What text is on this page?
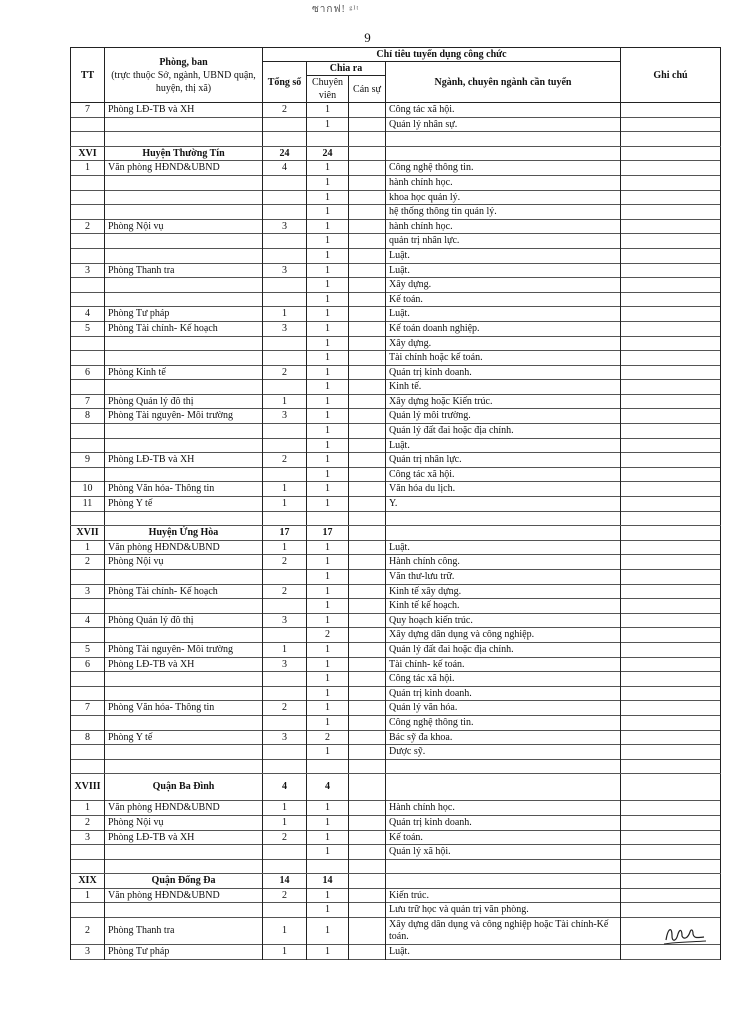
ซากฟ! ᵍᴵᵗ
9
TT	Phòng, ban
(trực thuộc Sở, ngành, UBND quận,
huyện, thị xã)	Chỉ tiêu tuyển dụng công chức				Ghi chú
		Tổng số	Chia ra		Ngành, chuyên ngành cần tuyển	
			Chuyên viên	Cán sự		
7	Phòng LĐ-TB và XH	2	1		Công tác xã hội.	
			1		Quản lý nhân sự.	

XVI	Huyện Thường Tín	24	24			
1	Văn phòng HĐND&UBND	4	1		Công nghệ thông tin.	
			1		hành chính học.	
			1		khoa học quản lý.	
			1		hệ thống thông tin quản lý.	
2	Phòng Nội vụ	3	1		hành chính học.	
			1		quản trị nhân lực.	
			1		Luật.	
3	Phòng Thanh tra	3	1		Luật.	
			1		Xây dựng.	
			1		Kế toán.	
4	Phòng Tư pháp	1	1		Luật.	
5	Phòng Tài chính- Kế hoạch	3	1		Kế toán doanh nghiệp.	
			1		Xây dựng.	
			1		Tài chính hoặc kế toán.	
6	Phòng Kinh tế	2	1		Quản trị kinh doanh.	
			1		Kinh tế.	
7	Phòng Quản lý đô thị	1	1		Xây dựng hoặc Kiến trúc.	
8	Phòng Tài nguyên- Môi trường	3	1		Quản lý môi trường.	
			1		Quản lý đất đai hoặc địa chính.	
			1		Luật.	
9	Phòng LĐ-TB và XH	2	1		Quản trị nhân lực.	
			1		Công tác xã hội.	
10	Phòng Văn hóa- Thông tin	1	1		Văn hóa du lịch.	
11	Phòng Y tế	1	1		Y.	

XVII	Huyện Ứng Hòa	17	17			
1	Văn phòng HĐND&UBND	1	1		Luật.	
2	Phòng Nội vụ	2	1		Hành chính công.	
			1		Văn thư-lưu trữ.	
3	Phòng Tài chính- Kế hoạch	2	1		Kinh tế xây dựng.	
			1		Kinh tế kế hoạch.	
4	Phòng Quản lý đô thị	3	1		Quy hoạch kiến trúc.	
			2		Xây dựng dân dụng và công nghiệp.	
5	Phòng Tài nguyên- Môi trường	1	1		Quản lý đất đai hoặc địa chính.	
6	Phòng LĐ-TB và XH	3	1		Tài chính- kế toán.	
			1		Công tác xã hội.	
			1		Quản trị kinh doanh.	
7	Phòng Văn hóa- Thông tin	2	1		Quản lý văn hóa.	
			1		Công nghệ thông tin.	
8	Phòng Y tế	3	2		Bác sỹ đa khoa.	
			1		Dược sỹ.	

XVIII	Quận Ba Đình	4	4			
1	Văn phòng HĐND&UBND	1	1		Hành chính học.	
2	Phòng Nội vụ	1	1		Quản trị kinh doanh.	
3	Phòng LĐ-TB và XH	2	1		Kế toán.	
			1		Quản lý xã hội.	

XIX	Quận Đống Đa	14	14			
1	Văn phòng HĐND&UBND	2	1		Kiến trúc.	
			1		Lưu trữ học và quản trị văn phòng.	
2	Phòng Thanh tra	1	1		Xây dựng dân dụng và công nghiệp hoặc Tài chính-Kế toán.	
3	Phòng Tư pháp	1	1		Luật.	
